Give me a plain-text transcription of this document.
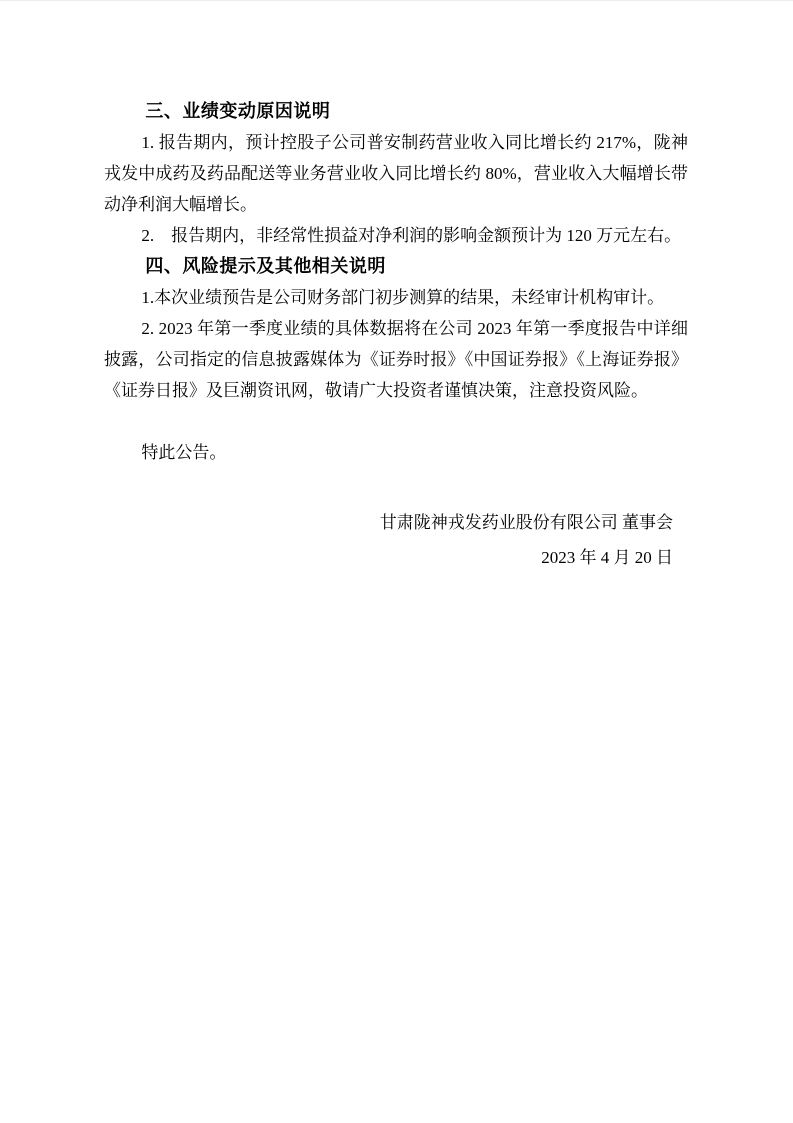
三、业绩变动原因说明

1. 报告期内，预计控股子公司普安制药营业收入同比增长约 217%，陇神戎发中成药及药品配送等业务营业收入同比增长约 80%，营业收入大幅增长带动净利润大幅增长。

2.　报告期内，非经常性损益对净利润的影响金额预计为 120 万元左右。

四、风险提示及其他相关说明

1.本次业绩预告是公司财务部门初步测算的结果，未经审计机构审计。

2. 2023 年第一季度业绩的具体数据将在公司 2023 年第一季度报告中详细披露，公司指定的信息披露媒体为《证券时报》《中国证券报》《上海证券报》《证券日报》及巨潮资讯网，敬请广大投资者谨慎决策，注意投资风险。

特此公告。

甘肃陇神戎发药业股份有限公司 董事会

2023 年 4 月 20 日
